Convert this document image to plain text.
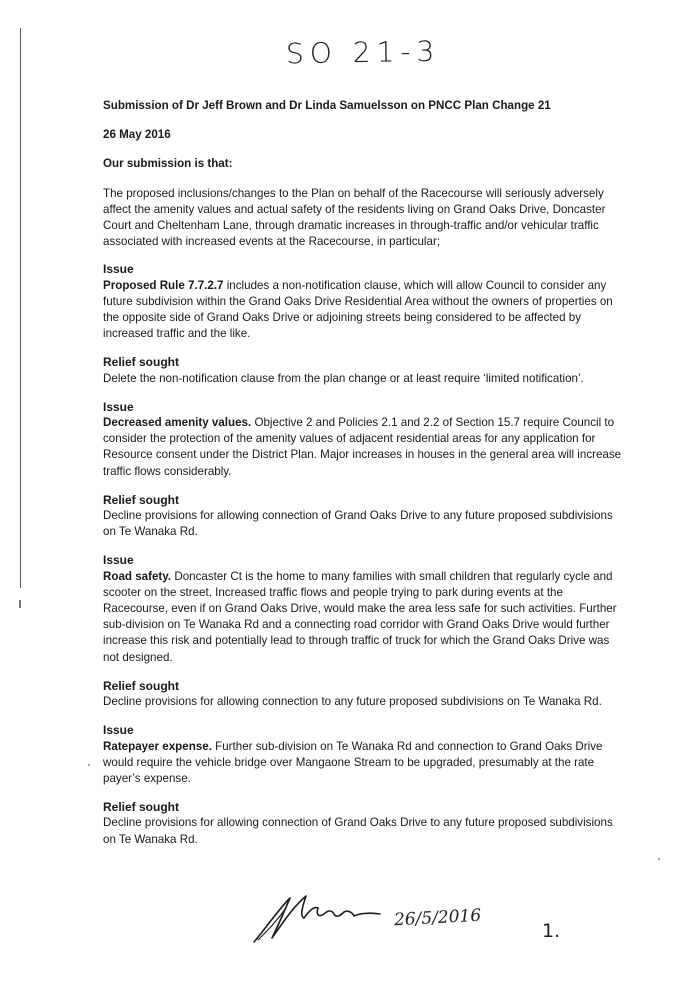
SO 21-3

Submission of Dr Jeff Brown and Dr Linda Samuelsson on PNCC Plan Change 21

26 May 2016

Our submission is that:

The proposed inclusions/changes to the Plan on behalf of the Racecourse will seriously adversely affect the amenity values and actual safety of the residents living on Grand Oaks Drive, Doncaster Court and Cheltenham Lane, through dramatic increases in through-traffic and/or vehicular traffic associated with increased events at the Racecourse, in particular;

Issue

Proposed Rule 7.7.2.7 includes a non-notification clause, which will allow Council to consider any future subdivision within the Grand Oaks Drive Residential Area without the owners of properties on the opposite side of Grand Oaks Drive or adjoining streets being considered to be affected by increased traffic and the like.

Relief sought

Delete the non-notification clause from the plan change or at least require ‘limited notification’.

Issue

Decreased amenity values. Objective 2 and Policies 2.1 and 2.2 of Section 15.7 require Council to consider the protection of the amenity values of adjacent residential areas for any application for Resource consent under the District Plan. Major increases in houses in the general area will increase traffic flows considerably.

Relief sought

Decline provisions for allowing connection of Grand Oaks Drive to any future proposed subdivisions on Te Wanaka Rd.

Issue

Road safety. Doncaster Ct is the home to many families with small children that regularly cycle and scooter on the street. Increased traffic flows and people trying to park during events at the Racecourse, even if on Grand Oaks Drive, would make the area less safe for such activities. Further sub-division on Te Wanaka Rd and a connecting road corridor with Grand Oaks Drive would further increase this risk and potentially lead to through traffic of truck for which the Grand Oaks Drive was not designed.

Relief sought

Decline provisions for allowing connection to any future proposed subdivisions on Te Wanaka Rd.

Issue

Ratepayer expense. Further sub-division on Te Wanaka Rd and connection to Grand Oaks Drive would require the vehicle bridge over Mangaone Stream to be upgraded, presumably at the rate payer’s expense.

Relief sought

Decline provisions for allowing connection of Grand Oaks Drive to any future proposed subdivisions on Te Wanaka Rd.

26/5/2016
1.
